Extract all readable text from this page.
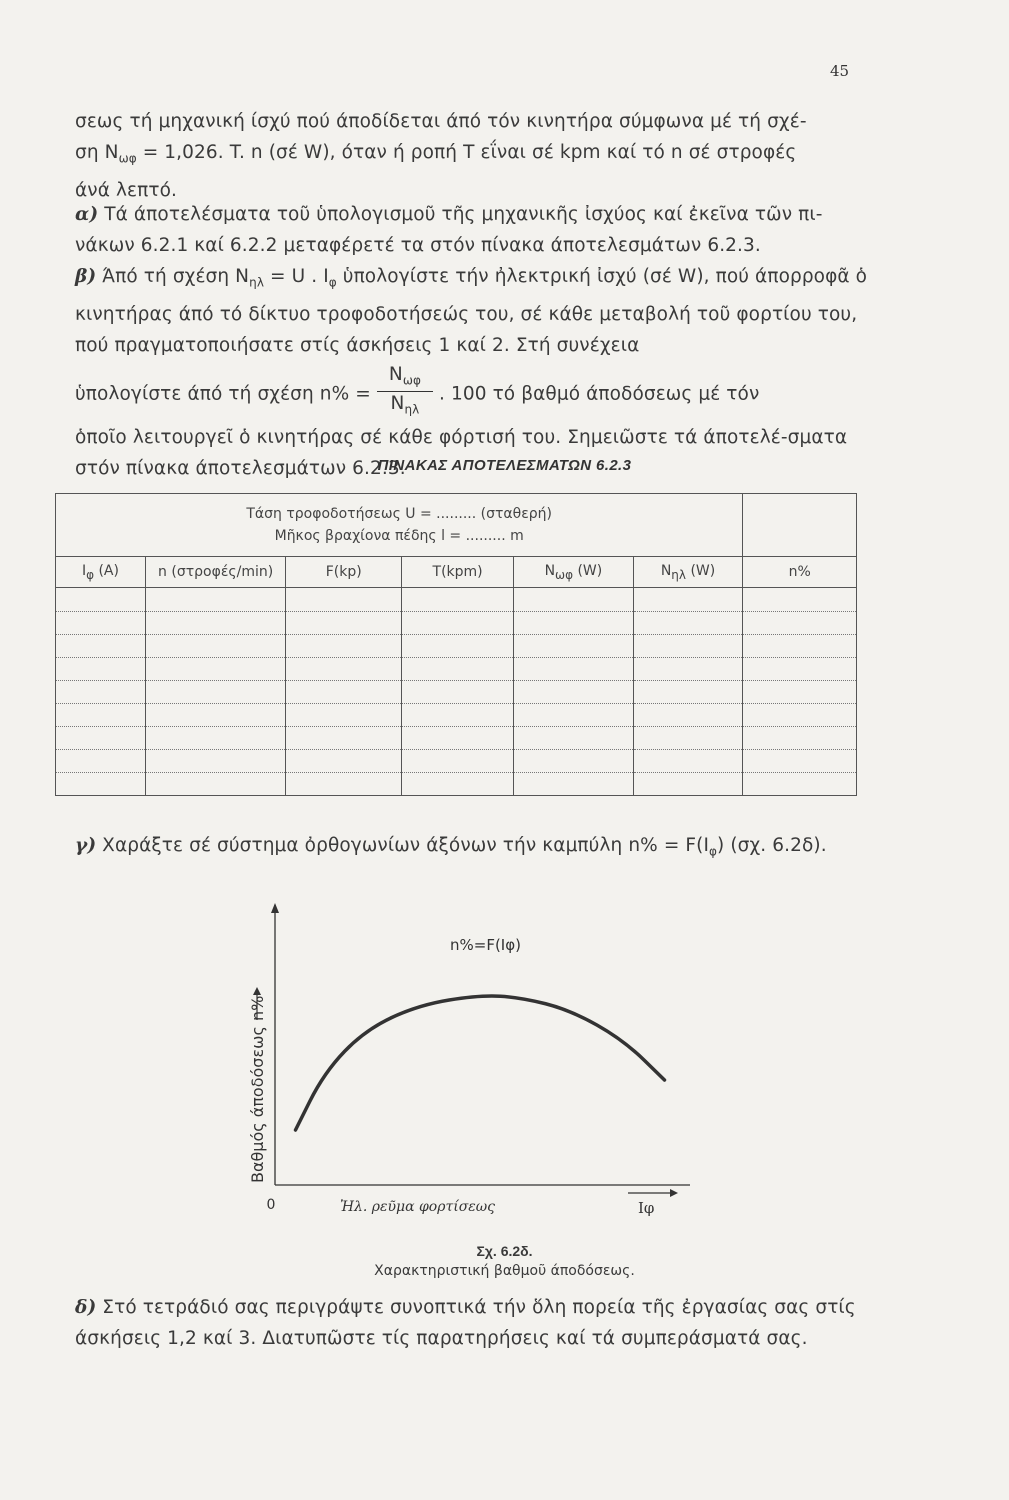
45

σεως τή μηχανική ίσχύ πού άποδίδεται άπό τόν κινητήρα σύμφωνα μέ τή σχέ-

ση $N_{\omega\varphi} = 1,026$. T. n (σέ W), όταν ή ροπή T εΐναι σέ kpm καί τό n σέ στροφές

άνά λεπτό.

α) Τά άποτελέσματα τοῦ ὑπολογισμοῦ τῆς μηχανικῆς ἰσχύος καί ἐκεῖνα τῶν πι-νάκων 6.2.1 καί 6.2.2 μεταφέρετέ τα στόν πίνακα άποτελεσμάτων 6.2.3.

β) Άπό τή σχέση $N_{\eta\lambda} = U$ . $I_\varphi$ ὑπολογίστε τήν ἠλεκτρική ἰσχύ (σέ W), πού άπορροφᾶ ὁ κινητήρας άπό τό δίκτυο τροφοδοτήσεώς του, σέ κάθε μεταβολή τοῦ φορτίου του, πού πραγματοποιήσατε στίς άσκήσεις 1 καί 2. Στή συνέχεια

ὑπολογίστε άπό τή σχέση $n\% = \frac{N_{\omega\varphi}}{N_{\eta\lambda}}$ . 100 τό βαθμό άποδόσεως μέ τόν

ὁποῖο λειτουργεῖ ὁ κινητήρας σέ κάθε φόρτισή του. Σημειῶστε τά άποτελέ-σματα στόν πίνακα άποτελεσμάτων 6.2.3.

ΠΙΝΑΚΑΣ ΑΠΟΤΕΛΕΣΜΑΤΩΝ 6.2.3
Τάση τροφοδοτήσεως U = ......... (σταθερή)
Μῆκος βραχίονα πέδης l = ......... m						

$I_\varphi$ (A)	n (στροφές/min)	F(kp)	T(kpm)	$N_{\omega\varphi}$ (W)	$N_{\eta\lambda}$ (W)	n%

γ) Χαράξτε σέ σύστημα ὀρθογωνίων άξόνων τήν καμπύλη $n\% = F(I_\varphi)$ (σχ. 6.2δ).

n%=F(Iφ)
0	Ἠλ. ρεῦμα φορτίσεως	Iφ
Βαθμός άποδόσεως n%
Σχ. 6.2δ.
Χαρακτηριστική βαθμοῦ άποδόσεως.

δ) Στό τετράδιό σας περιγράψτε συνοπτικά τήν ὅλη πορεία τῆς ἐργασίας σας στίς άσκήσεις 1,2 καί 3. Διατυπῶστε τίς παρατηρήσεις καί τά συμπεράσματά σας.
